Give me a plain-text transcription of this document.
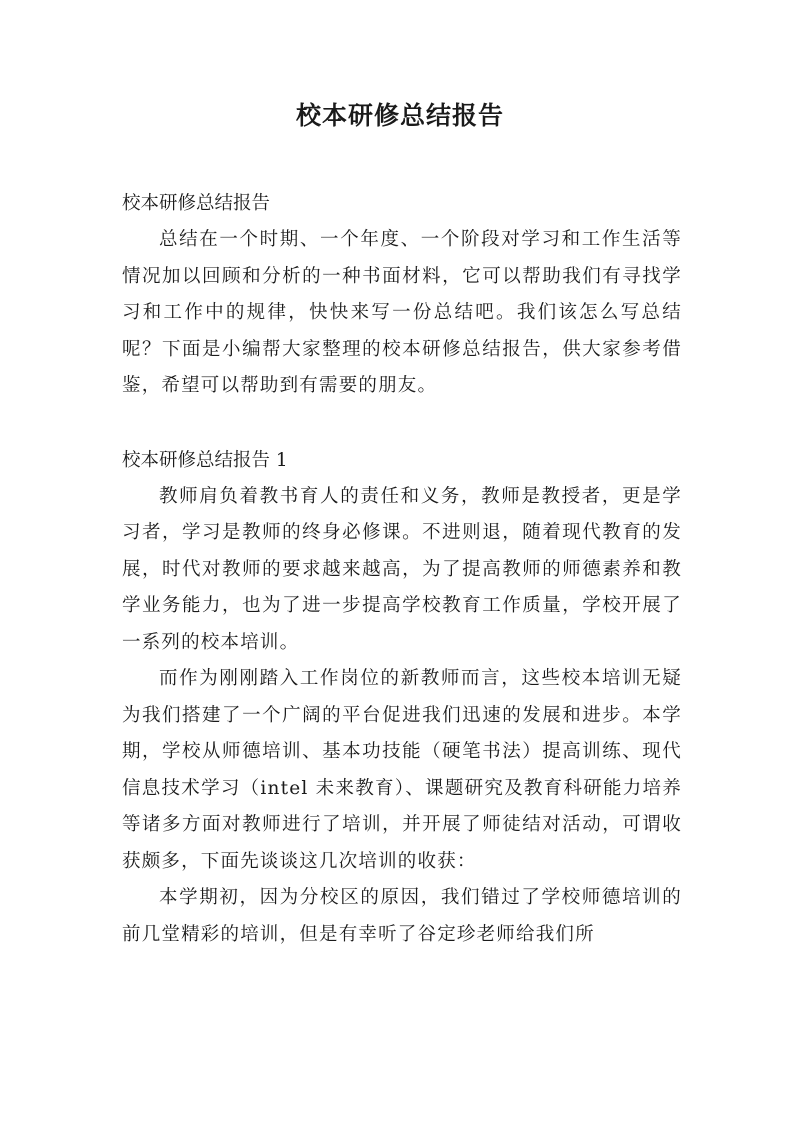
校本研修总结报告

校本研修总结报告

总结在一个时期、一个年度、一个阶段对学习和工作生活等情况加以回顾和分析的一种书面材料，它可以帮助我们有寻找学习和工作中的规律，快快来写一份总结吧。我们该怎么写总结呢？下面是小编帮大家整理的校本研修总结报告，供大家参考借鉴，希望可以帮助到有需要的朋友。

校本研修总结报告 1

教师肩负着教书育人的责任和义务，教师是教授者，更是学习者，学习是教师的终身必修课。不进则退，随着现代教育的发展，时代对教师的要求越来越高，为了提高教师的师德素养和教学业务能力，也为了进一步提高学校教育工作质量，学校开展了一系列的校本培训。

而作为刚刚踏入工作岗位的新教师而言，这些校本培训无疑为我们搭建了一个广阔的平台促进我们迅速的发展和进步。本学期，学校从师德培训、基本功技能（硬笔书法）提高训练、现代信息技术学习（intel 未来教育）、课题研究及教育科研能力培养等诸多方面对教师进行了培训，并开展了师徒结对活动，可谓收获颇多，下面先谈谈这几次培训的收获：

本学期初，因为分校区的原因，我们错过了学校师德培训的前几堂精彩的培训，但是有幸听了谷定珍老师给我们所
